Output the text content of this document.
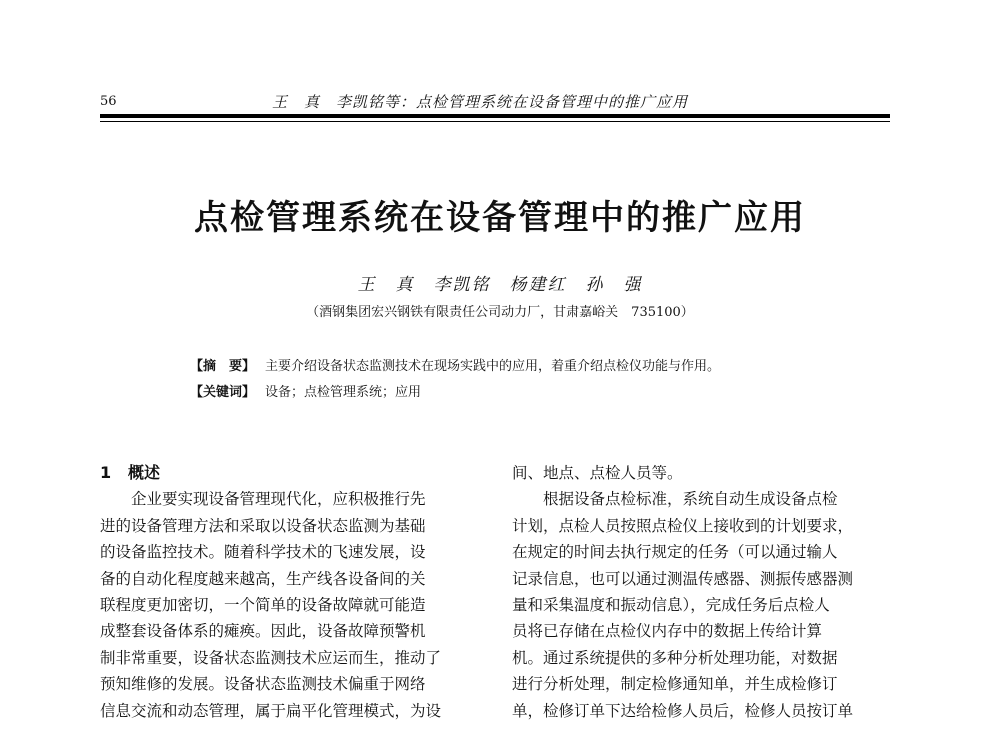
56	王　真　李凯铭等：点检管理系统在设备管理中的推广应用
点检管理系统在设备管理中的推广应用
王　真　李凯铭　杨建红　孙　强
（酒钢集团宏兴钢铁有限责任公司动力厂，甘肃嘉峪关　735100）
【摘　要】 主要介绍设备状态监测技术在现场实践中的应用，着重介绍点检仪功能与作用。
【关键词】 设备；点检管理系统；应用
1 概述
企业要实现设备管理现代化，应积极推行先
进的设备管理方法和采取以设备状态监测为基础
的设备监控技术。随着科学技术的飞速发展，设
备的自动化程度越来越高，生产线各设备间的关
联程度更加密切，一个简单的设备故障就可能造
成整套设备体系的瘫痪。因此，设备故障预警机
制非常重要，设备状态监测技术应运而生，推动了
预知维修的发展。设备状态监测技术偏重于网络
信息交流和动态管理，属于扁平化管理模式，为设
间、地点、点检人员等。
根据设备点检标准，系统自动生成设备点检
计划，点检人员按照点检仪上接收到的计划要求，
在规定的时间去执行规定的任务（可以通过输人
记录信息，也可以通过测温传感器、测振传感器测
量和采集温度和振动信息），完成任务后点检人
员将已存储在点检仪内存中的数据上传给计算
机。通过系统提供的多种分析处理功能，对数据
进行分析处理，制定检修通知单，并生成检修订
单，检修订单下达给检修人员后，检修人员按订单
